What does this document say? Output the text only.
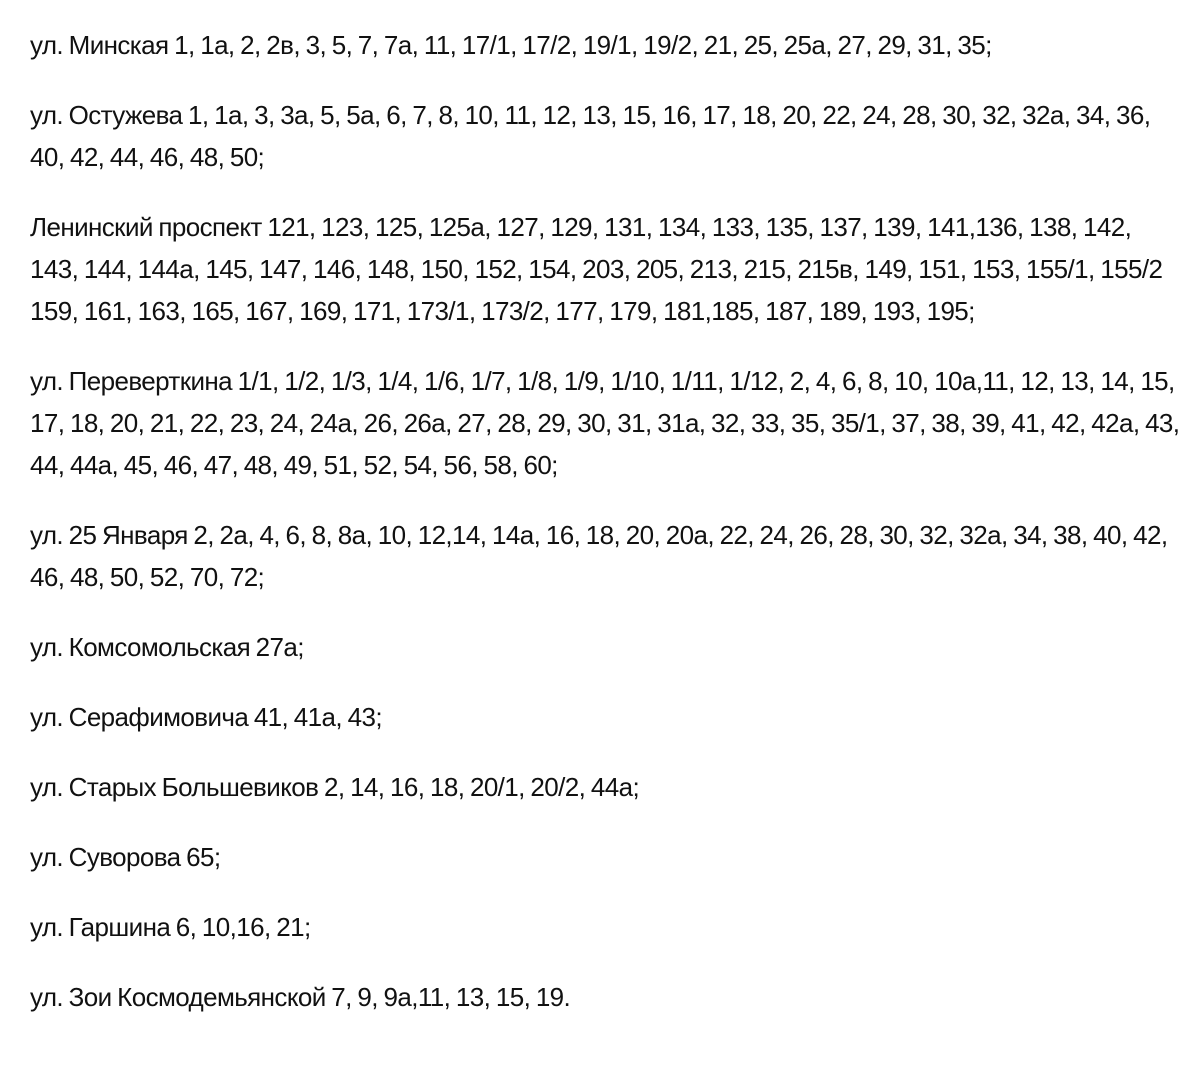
ул. Минская 1, 1а, 2, 2в, 3, 5, 7, 7а, 11, 17/1, 17/2, 19/1, 19/2, 21, 25, 25а, 27, 29, 31, 35;
ул. Остужева 1, 1а, 3, 3а, 5, 5а, 6, 7, 8, 10, 11, 12, 13, 15, 16, 17, 18, 20, 22, 24, 28, 30, 32, 32а, 34, 36, 40, 42, 44, 46, 48, 50;
Ленинский проспект 121, 123, 125, 125а, 127, 129, 131, 134, 133, 135, 137, 139, 141,136, 138, 142, 143, 144, 144а, 145, 147, 146, 148, 150, 152, 154, 203, 205, 213, 215, 215в, 149, 151, 153, 155/1, 155/2 159, 161, 163, 165, 167, 169, 171, 173/1, 173/2, 177, 179, 181,185, 187, 189, 193, 195;
ул. Переверткина 1/1, 1/2, 1/3, 1/4, 1/6, 1/7, 1/8, 1/9, 1/10, 1/11, 1/12, 2, 4, 6, 8, 10, 10а,11, 12, 13, 14, 15, 17, 18, 20, 21, 22, 23, 24, 24а, 26, 26а, 27, 28, 29, 30, 31, 31а, 32, 33, 35, 35/1, 37, 38, 39, 41, 42, 42а, 43, 44, 44а, 45, 46, 47, 48, 49, 51, 52, 54, 56, 58, 60;
ул. 25 Января 2, 2а, 4, 6, 8, 8а, 10, 12,14, 14а, 16, 18, 20, 20а, 22, 24, 26, 28, 30, 32, 32а, 34, 38, 40, 42, 46, 48, 50, 52, 70, 72;
ул. Комсомольская 27а;
ул. Серафимовича 41, 41а, 43;
ул. Старых Большевиков 2, 14, 16, 18, 20/1, 20/2, 44а;
ул. Суворова 65;
ул. Гаршина 6, 10,16, 21;
ул. Зои Космодемьянской 7, 9, 9а,11, 13, 15, 19.
